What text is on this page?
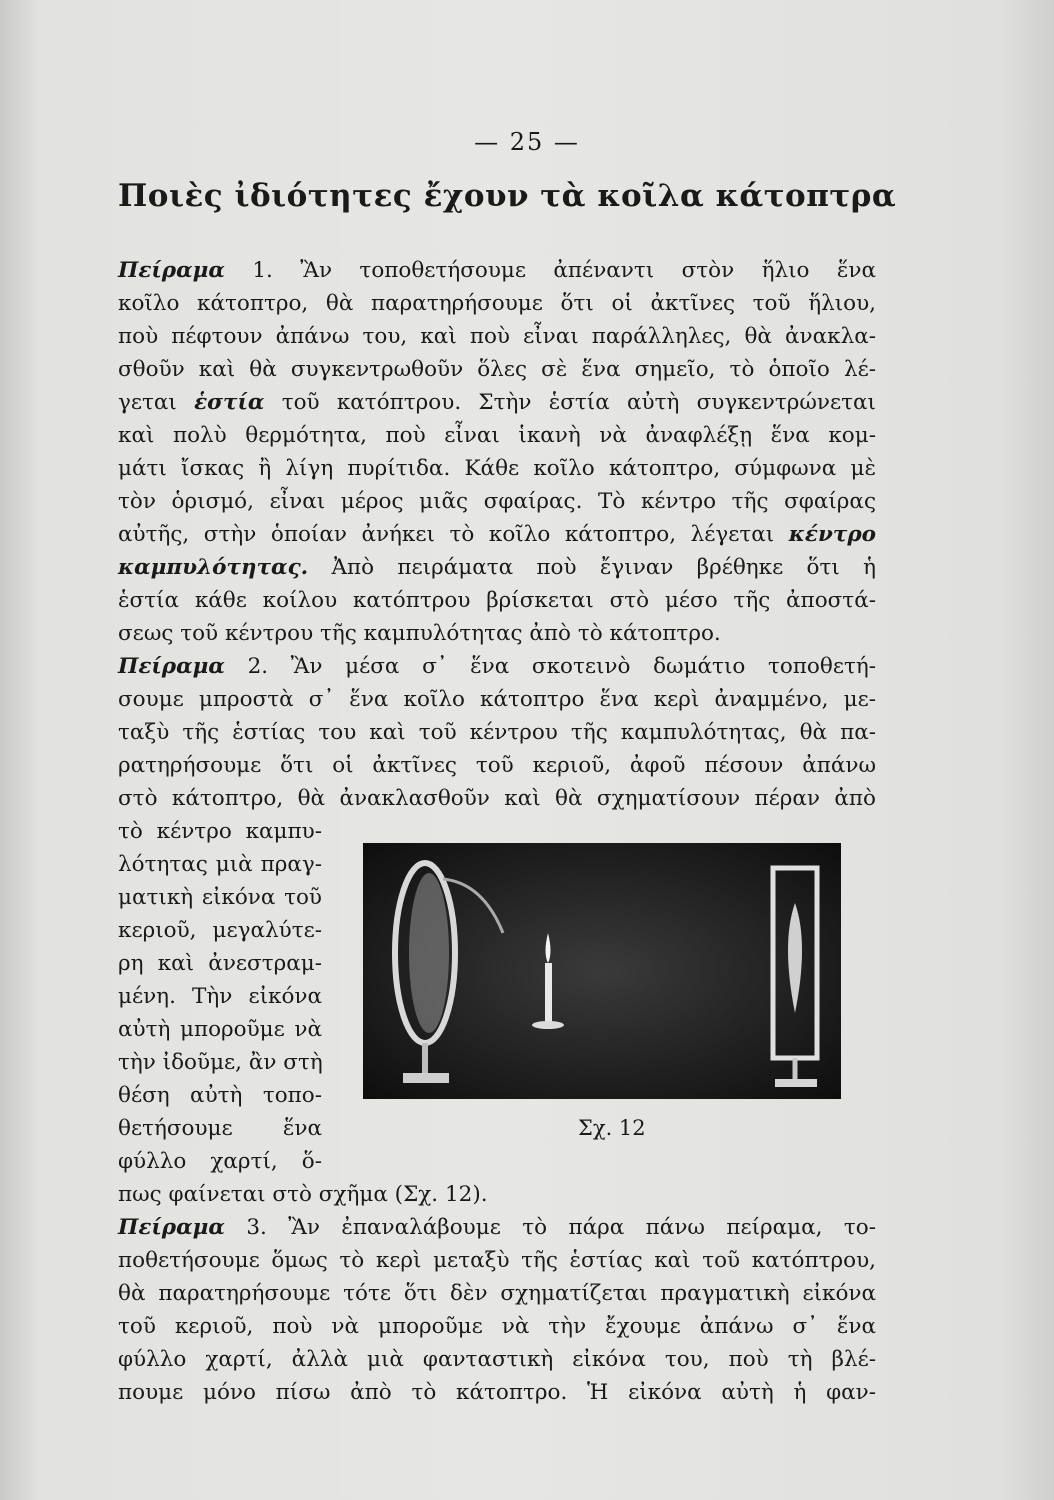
— 25 —
Ποιὲς ἰδιότητες ἔχουν τὰ κοῖλα κάτοπτρα
Πείραμα 1. Ἂν τοποθετήσουμε ἀπέναντι στὸν ἥλιο ἕνα
κοῖλο κάτοπτρο, θὰ παρατηρήσουμε ὅτι οἱ ἀκτῖνες τοῦ ἥλιου,
ποὺ πέφτουν ἀπάνω του, καὶ ποὺ εἶναι παράλληλες, θὰ ἀνακλα-
σθοῦν καὶ θὰ συγκεντρωθοῦν ὅλες σὲ ἕνα σημεῖο, τὸ ὁποῖο λέ-
γεται ἑστία τοῦ κατόπτρου. Στὴν ἑστία αὐτὴ συγκεντρώνεται
καὶ πολὺ θερμότητα, ποὺ εἶναι ἱκανὴ νὰ ἀναφλέξῃ ἕνα κομ-
μάτι ἴσκας ἢ λίγη πυρίτιδα. Κάθε κοῖλο κάτοπτρο, σύμφωνα μὲ
τὸν ὁρισμό, εἶναι μέρος μιᾶς σφαίρας. Τὸ κέντρο τῆς σφαίρας
αὐτῆς, στὴν ὁποίαν ἀνήκει τὸ κοῖλο κάτοπτρο, λέγεται κέντρο
καμπυλότητας. Ἀπὸ πειράματα ποὺ ἔγιναν βρέθηκε ὅτι ἡ
ἑστία κάθε κοίλου κατόπτρου βρίσκεται στὸ μέσο τῆς ἀποστά-
σεως τοῦ κέντρου τῆς καμπυλότητας ἀπὸ τὸ κάτοπτρο.
Πείραμα 2. Ἂν μέσα σ᾽ ἕνα σκοτεινὸ δωμάτιο τοποθετή-
σουμε μπροστὰ σ᾽ ἕνα κοῖλο κάτοπτρο ἕνα κερὶ ἀναμμένο, με-
ταξὺ τῆς ἑστίας του καὶ τοῦ κέντρου τῆς καμπυλότητας, θὰ πα-
ρατηρήσουμε ὅτι οἱ ἀκτῖνες τοῦ κεριοῦ, ἀφοῦ πέσουν ἀπάνω
στὸ κάτοπτρο, θὰ ἀνακλασθοῦν καὶ θὰ σχηματίσουν πέραν ἀπὸ
τὸ κέντρο καμπυ-
λότητας μιὰ πραγ-
ματικὴ εἰκόνα τοῦ
κεριοῦ, μεγαλύτε-
ρη καὶ ἀνεστραμ-
μένη. Τὴν εἰκόνα
αὐτὴ μποροῦμε νὰ
τὴν ἰδοῦμε, ἂν στὴ
θέση αὐτὴ τοπο-
θετήσουμε ἕνα
φύλλο χαρτί, ὅ-
πως φαίνεται στὸ σχῆμα (Σχ. 12).
Σχ. 12
Πείραμα 3. Ἂν ἐπαναλάβουμε τὸ πάρα πάνω πείραμα, το-
ποθετήσουμε ὅμως τὸ κερὶ μεταξὺ τῆς ἑστίας καὶ τοῦ κατόπτρου,
θὰ παρατηρήσουμε τότε ὅτι δὲν σχηματίζεται πραγματικὴ εἰκόνα
τοῦ κεριοῦ, ποὺ νὰ μποροῦμε νὰ τὴν ἔχουμε ἀπάνω σ᾽ ἕνα
φύλλο χαρτί, ἀλλὰ μιὰ φανταστικὴ εἰκόνα του, ποὺ τὴ βλέ-
πουμε μόνο πίσω ἀπὸ τὸ κάτοπτρο. Ἡ εἰκόνα αὐτὴ ἡ φαν-
